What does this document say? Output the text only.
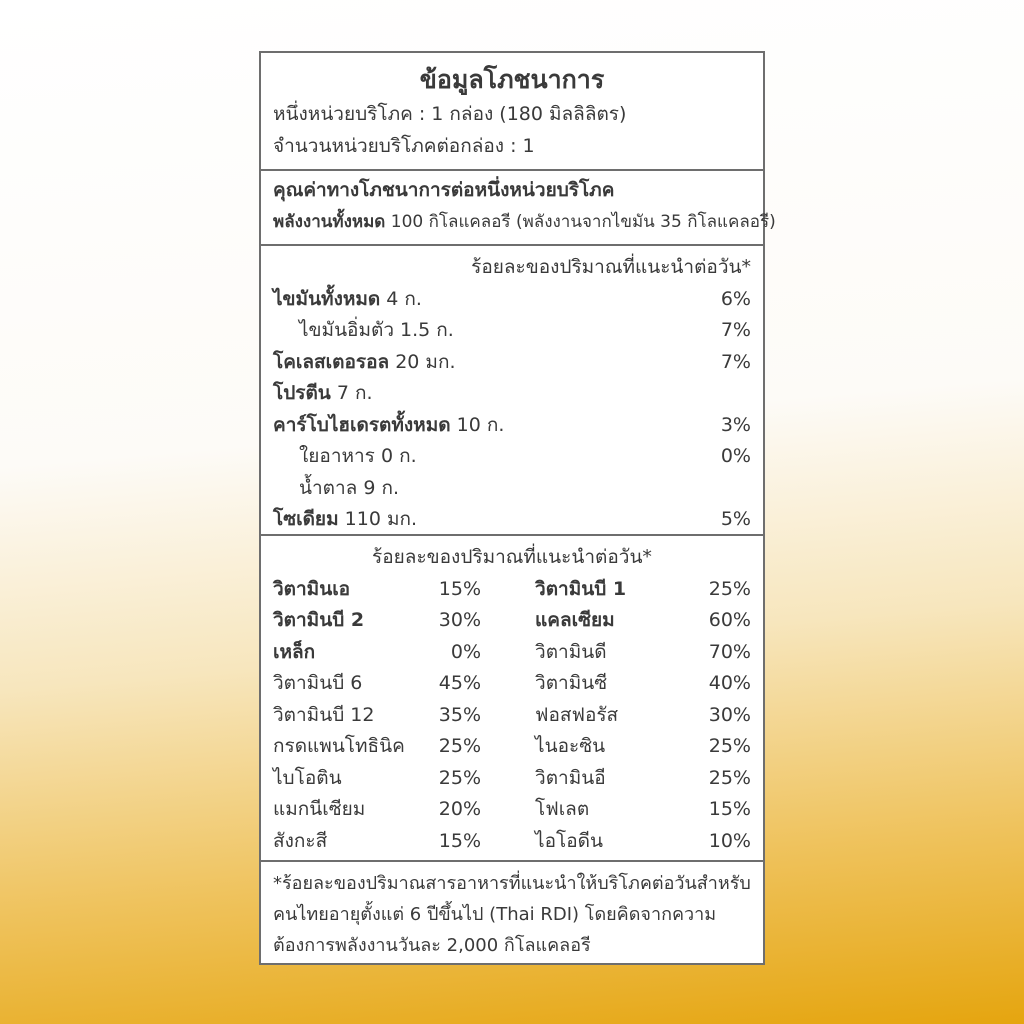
ข้อมูลโภชนาการ
หนึ่งหน่วยบริโภค : 1 กล่อง (180 มิลลิลิตร)
จำนวนหน่วยบริโภคต่อกล่อง : 1
คุณค่าทางโภชนาการต่อหนึ่งหน่วยบริโภค
พลังงานทั้งหมด 100 กิโลแคลอรี (พลังงานจากไขมัน 35 กิโลแคลอรี)
ร้อยละของปริมาณที่แนะนำต่อวัน*
ไขมันทั้งหมด 4 ก.	6%
ไขมันอิ่มตัว 1.5 ก.	7%
โคเลสเตอรอล 20 มก.	7%
โปรตีน 7 ก.
คาร์โบไฮเดรตทั้งหมด 10 ก.	3%
ใยอาหาร 0 ก.	0%
น้ำตาล 9 ก.
โซเดียม 110 มก.	5%
ร้อยละของปริมาณที่แนะนำต่อวัน*
วิตามินเอ	15%	วิตามินบี 1	25%
วิตามินบี 2	30%	แคลเซียม	60%
เหล็ก	0%	วิตามินดี	70%
วิตามินบี 6	45%	วิตามินซี	40%
วิตามินบี 12	35%	ฟอสฟอรัส	30%
กรดแพนโทธินิค	25%	ไนอะซิน	25%
ไบโอติน	25%	วิตามินอี	25%
แมกนีเซียม	20%	โฟเลต	15%
สังกะสี	15%	ไอโอดีน	10%
*ร้อยละของปริมาณสารอาหารที่แนะนำให้บริโภคต่อวันสำหรับ
คนไทยอายุตั้งแต่ 6 ปีขึ้นไป (Thai RDI) โดยคิดจากความ
ต้องการพลังงานวันละ 2,000 กิโลแคลอรี
